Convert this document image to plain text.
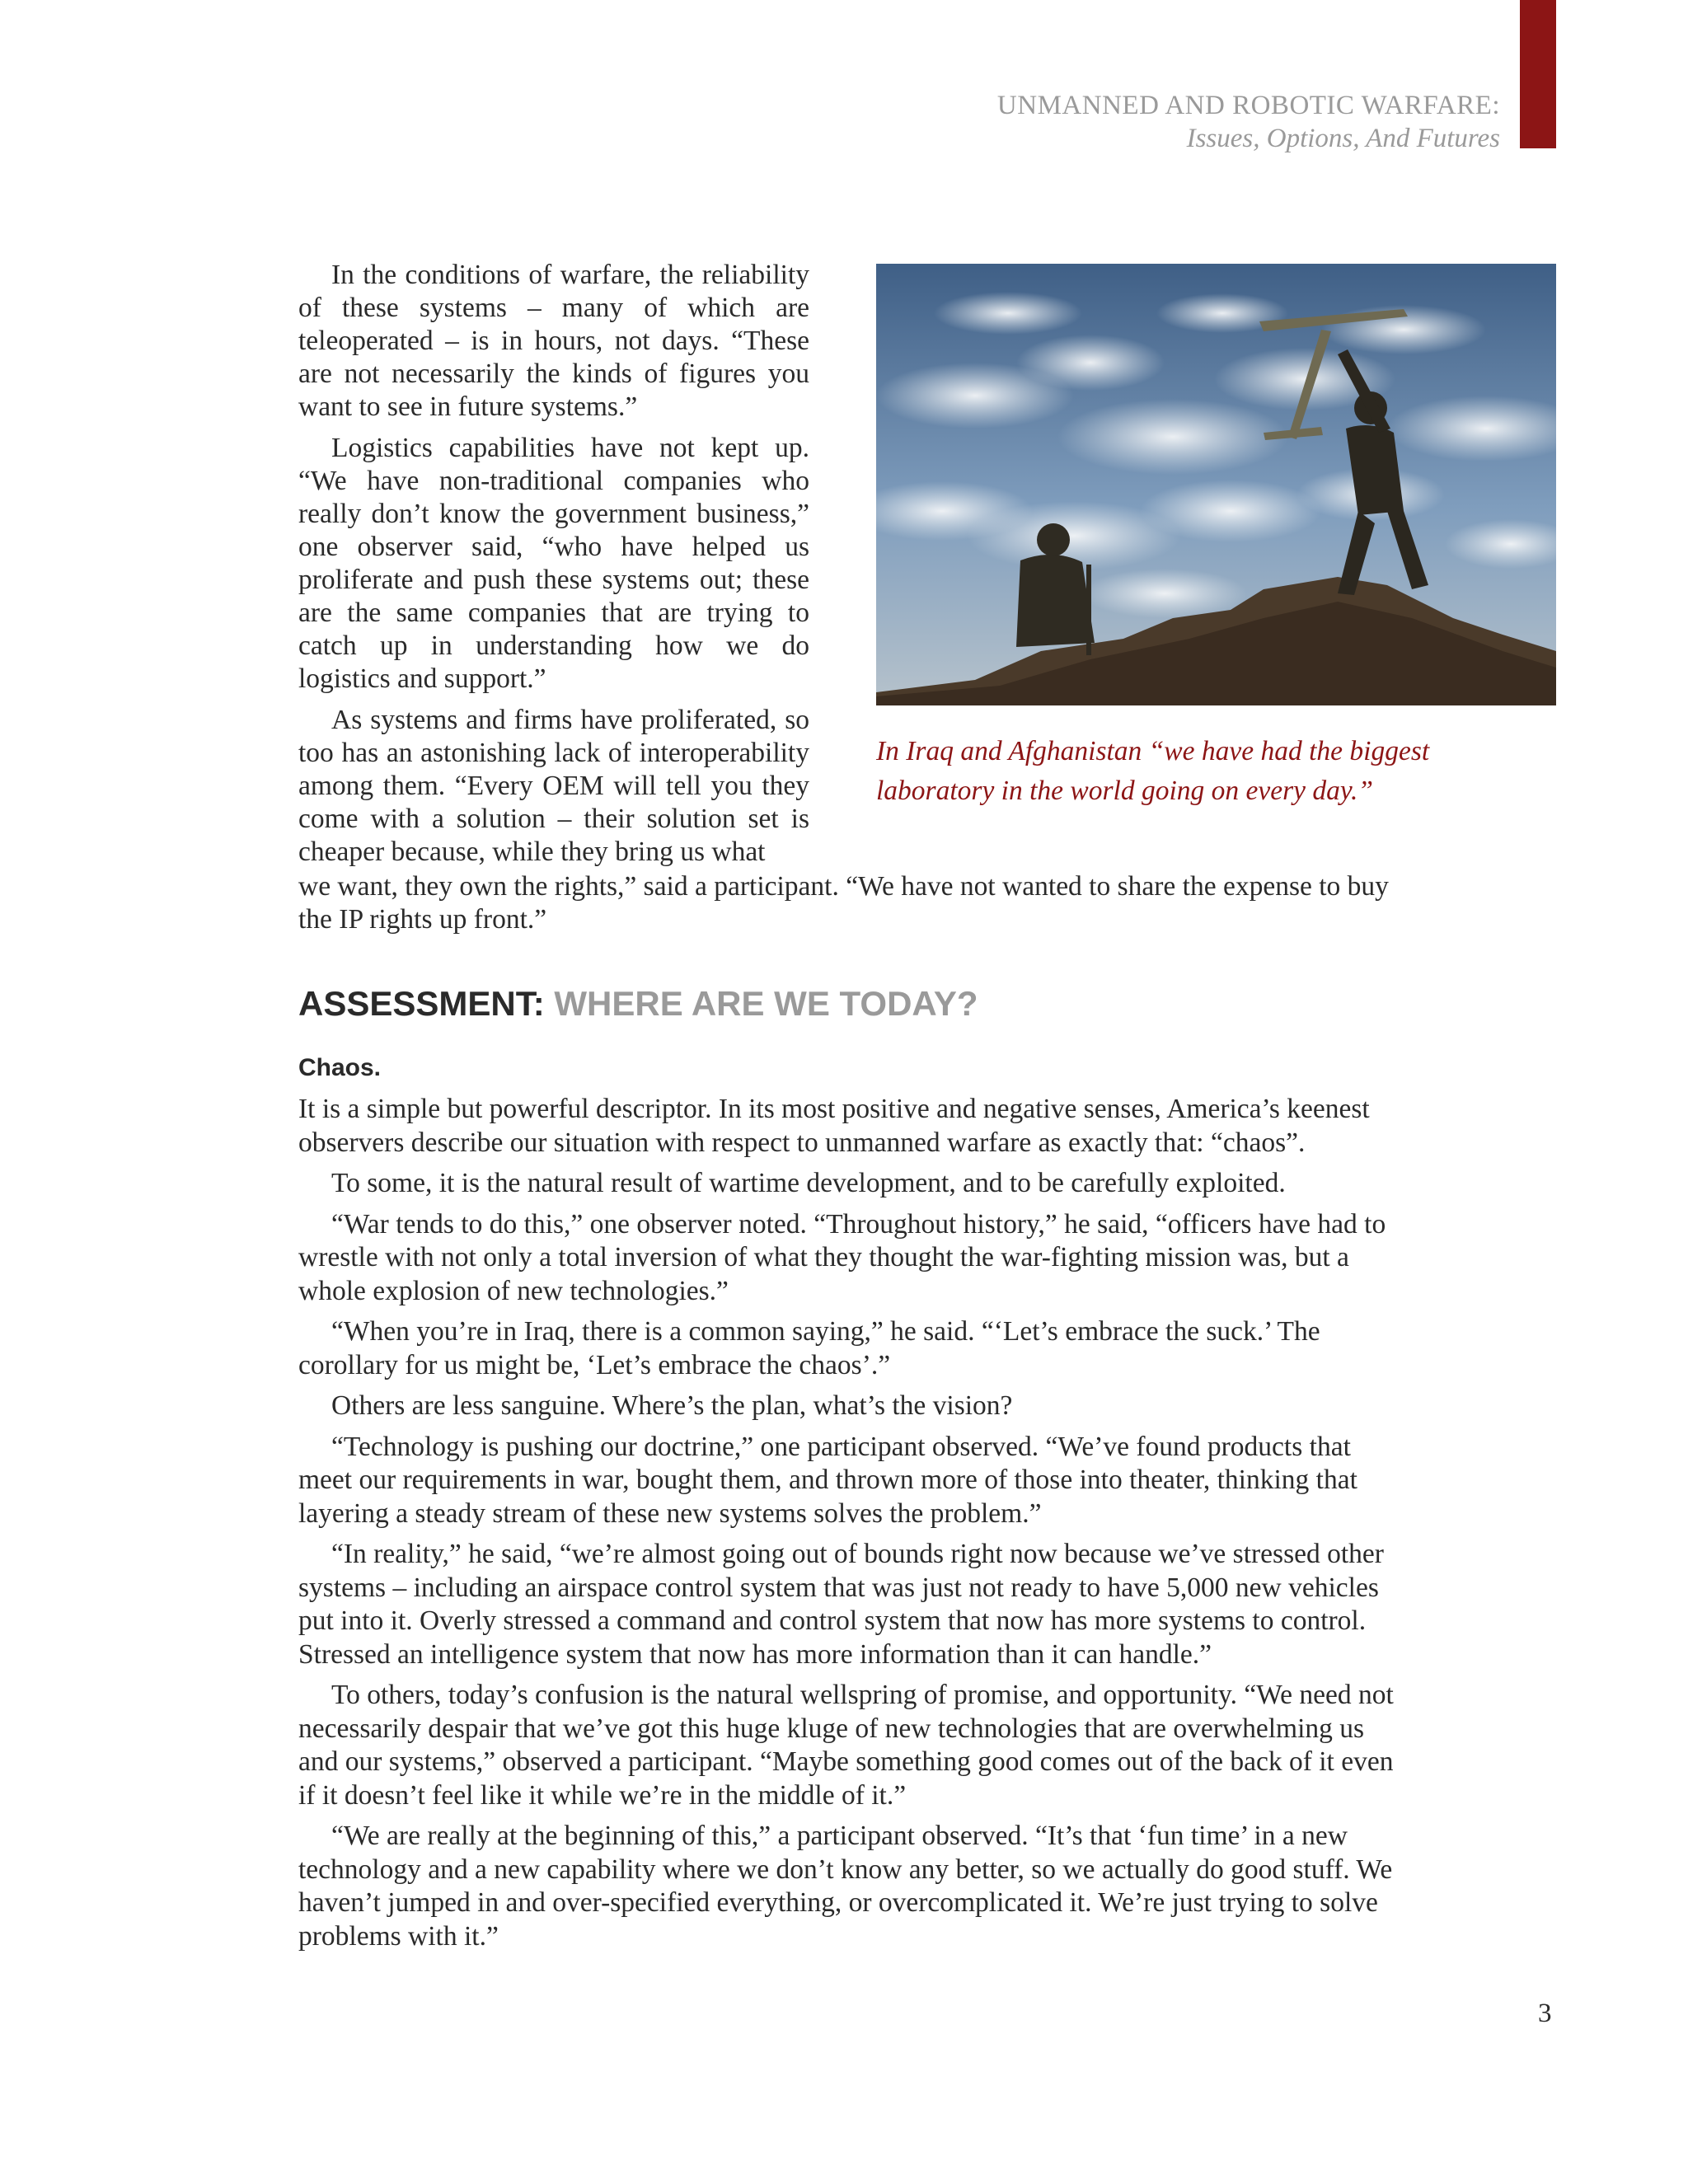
UNMANNED AND ROBOTIC WARFARE:
Issues, Options, And Futures

In the conditions of warfare, the reliability of these systems – many of which are teleoperated – is in hours, not days. “These are not necessarily the kinds of figures you want to see in future systems.”

Logistics capabilities have not kept up. “We have non-traditional companies who really don’t know the government business,” one observer said, “who have helped us proliferate and push these systems out; these are the same companies that are trying to catch up in understanding how we do logistics and support.”

As systems and firms have proliferated, so too has an astonishing lack of interoperability among them. “Every OEM will tell you they come with a solution – their solution set is cheaper because, while they bring us what

In Iraq and Afghanistan “we have had the biggest laboratory in the world going on every day.”

we want, they own the rights,” said a participant. “We have not wanted to share the expense to buy the IP rights up front.”

ASSESSMENT: WHERE ARE WE TODAY?
Chaos.

It is a simple but powerful descriptor. In its most positive and negative senses, America’s keenest observers describe our situation with respect to unmanned warfare as exactly that: “chaos”.

To some, it is the natural result of wartime development, and to be carefully exploited.

“War tends to do this,” one observer noted. “Throughout history,” he said, “officers have had to wrestle with not only a total inversion of what they thought the war-fighting mission was, but a whole explosion of new technologies.”

“When you’re in Iraq, there is a common saying,” he said. “‘Let’s embrace the suck.’ The corollary for us might be, ‘Let’s embrace the chaos’.”

Others are less sanguine. Where’s the plan, what’s the vision?

“Technology is pushing our doctrine,” one participant observed. “We’ve found products that meet our requirements in war, bought them, and thrown more of those into theater, thinking that layering a steady stream of these new systems solves the problem.”

“In reality,” he said, “we’re almost going out of bounds right now because we’ve stressed other systems – including an airspace control system that was just not ready to have 5,000 new vehicles put into it. Overly stressed a command and control system that now has more systems to control. Stressed an intelligence system that now has more information than it can handle.”

To others, today’s confusion is the natural wellspring of promise, and opportunity. “We need not necessarily despair that we’ve got this huge kluge of new technologies that are overwhelming us and our systems,” observed a participant. “Maybe something good comes out of the back of it even if it doesn’t feel like it while we’re in the middle of it.”

“We are really at the beginning of this,” a participant observed. “It’s that ‘fun time’ in a new technology and a new capability where we don’t know any better, so we actually do good stuff. We haven’t jumped in and over-specified everything, or overcomplicated it. We’re just trying to solve problems with it.”

3
